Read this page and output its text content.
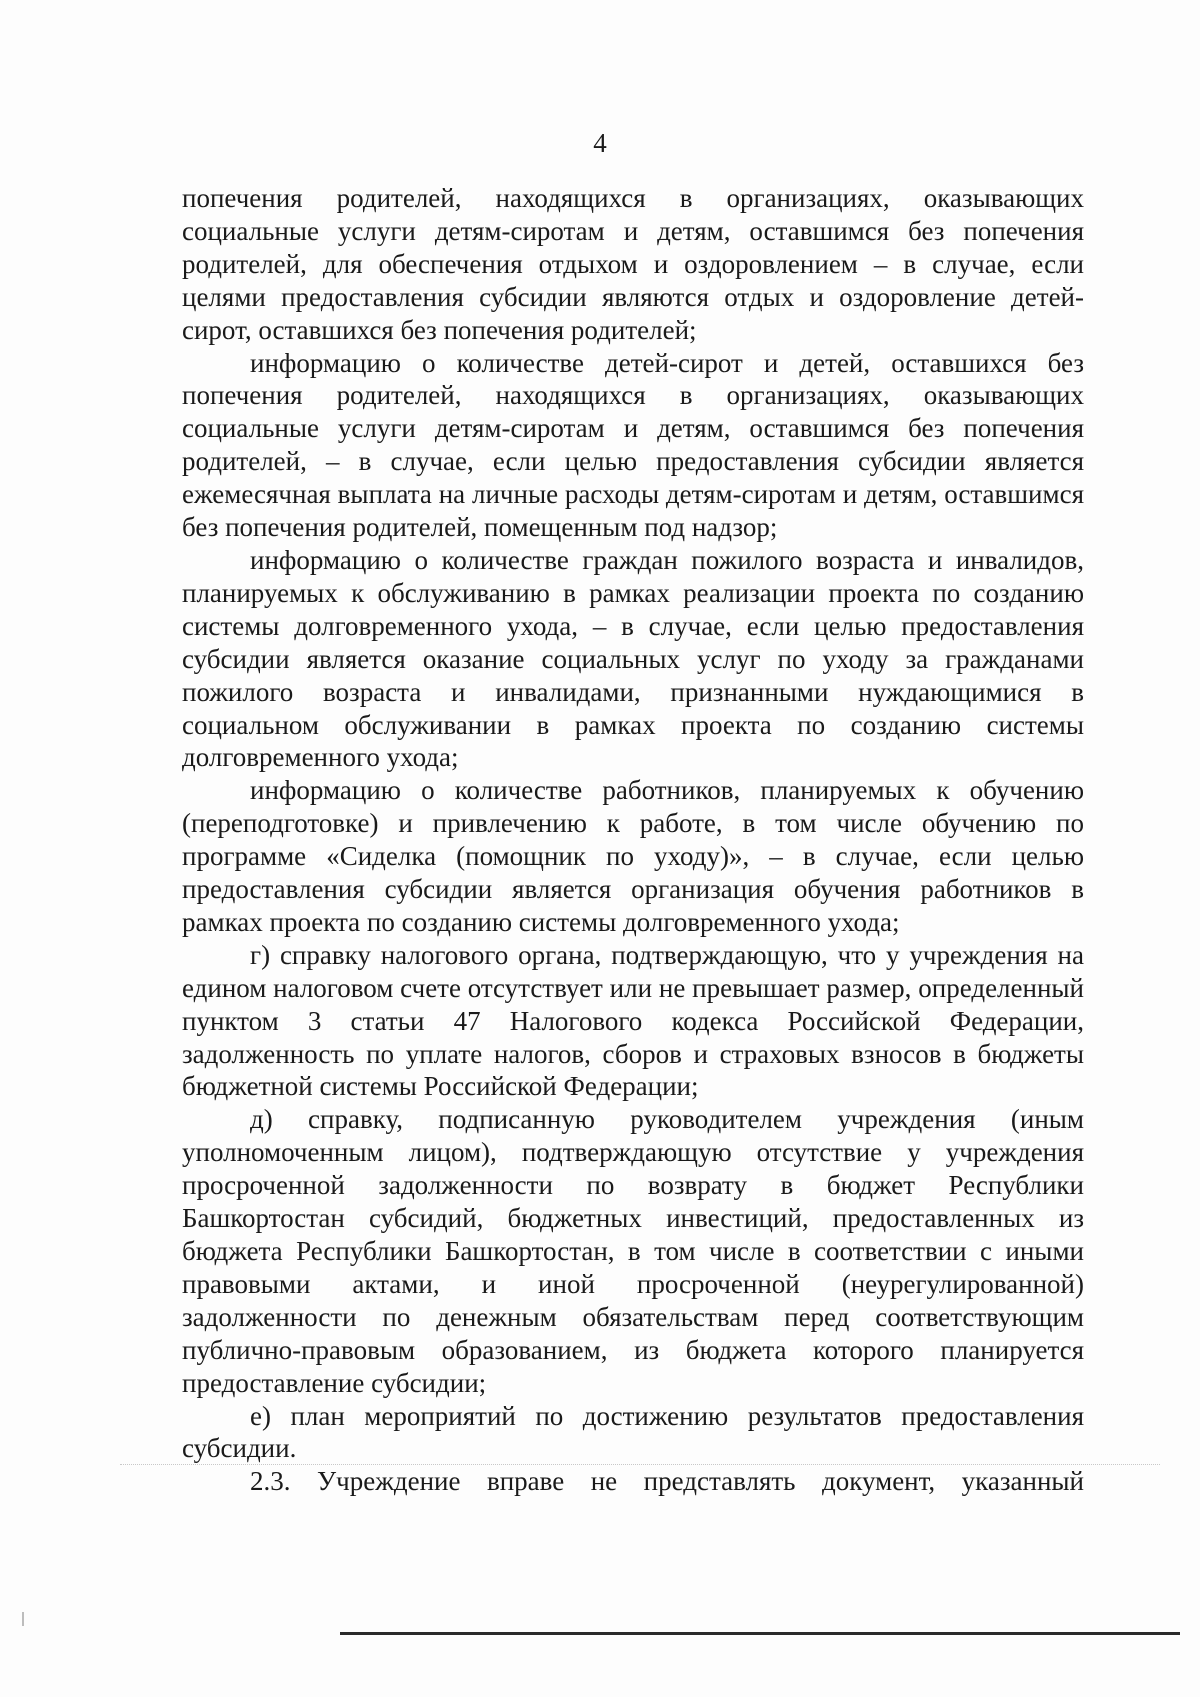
4

попечения родителей, находящихся в организациях, оказывающих социальные услуги детям-сиротам и детям, оставшимся без попечения родителей, для обеспечения отдыхом и оздоровлением – в случае, если целями предоставления субсидии являются отдых и оздоровление детей-сирот, оставшихся без попечения родителей;

информацию о количестве детей-сирот и детей, оставшихся без попечения родителей, находящихся в организациях, оказывающих социальные услуги детям-сиротам и детям, оставшимся без попечения родителей, – в случае, если целью предоставления субсидии является ежемесячная выплата на личные расходы детям-сиротам и детям, оставшимся без попечения родителей, помещенным под надзор;

информацию о количестве граждан пожилого возраста и инвалидов, планируемых к обслуживанию в рамках реализации проекта по созданию системы долговременного ухода, – в случае, если целью предоставления субсидии является оказание социальных услуг по уходу за гражданами пожилого возраста и инвалидами, признанными нуждающимися в социальном обслуживании в рамках проекта по созданию системы долговременного ухода;

информацию о количестве работников, планируемых к обучению (переподготовке) и привлечению к работе, в том числе обучению по программе «Сиделка (помощник по уходу)», – в случае, если целью предоставления субсидии является организация обучения работников в рамках проекта по созданию системы долговременного ухода;

г) справку налогового органа, подтверждающую, что у учреждения на едином налоговом счете отсутствует или не превышает размер, определенный пунктом 3 статьи 47 Налогового кодекса Российской Федерации, задолженность по уплате налогов, сборов и страховых взносов в бюджеты бюджетной системы Российской Федерации;

д) справку, подписанную руководителем учреждения (иным уполномоченным лицом), подтверждающую отсутствие у учреждения просроченной задолженности по возврату в бюджет Республики Башкортостан субсидий, бюджетных инвестиций, предоставленных из бюджета Республики Башкортостан, в том числе в соответствии с иными правовыми актами, и иной просроченной (неурегулированной) задолженности по денежным обязательствам перед соответствующим публично-правовым образованием, из бюджета которого планируется предоставление субсидии;

е) план мероприятий по достижению результатов предоставления субсидии.

2.3. Учреждение вправе не представлять документ, указанный
